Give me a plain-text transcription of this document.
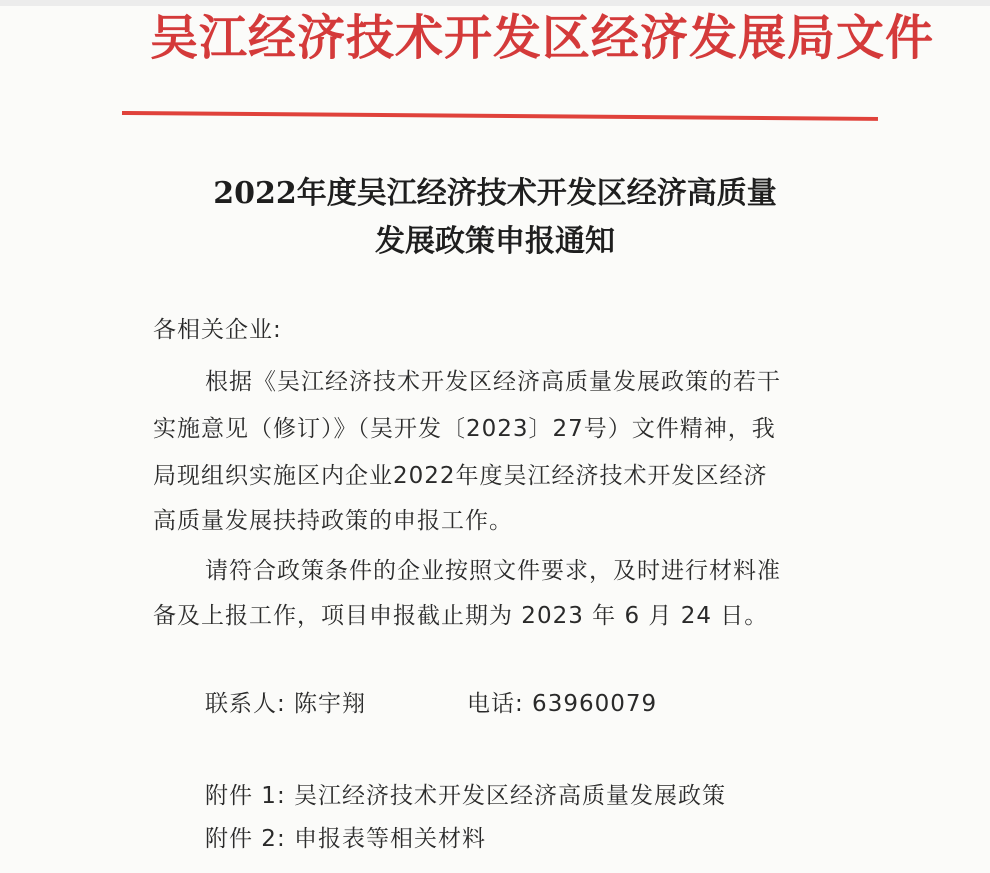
吴江经济技术开发区经济发展局文件
2022年度吴江经济技术开发区经济高质量
发展政策申报通知
各相关企业:
根据《吴江经济技术开发区经济高质量发展政策的若干
实施意见（修订）》（吴开发〔2023〕27号）文件精神，我
局现组织实施区内企业2022年度吴江经济技术开发区经济
高质量发展扶持政策的申报工作。
请符合政策条件的企业按照文件要求，及时进行材料准
备及上报工作，项目申报截止期为 2023 年 6 月 24 日。
联系人: 陈宇翔	电话: 63960079
附件 1: 吴江经济技术开发区经济高质量发展政策
附件 2: 申报表等相关材料
